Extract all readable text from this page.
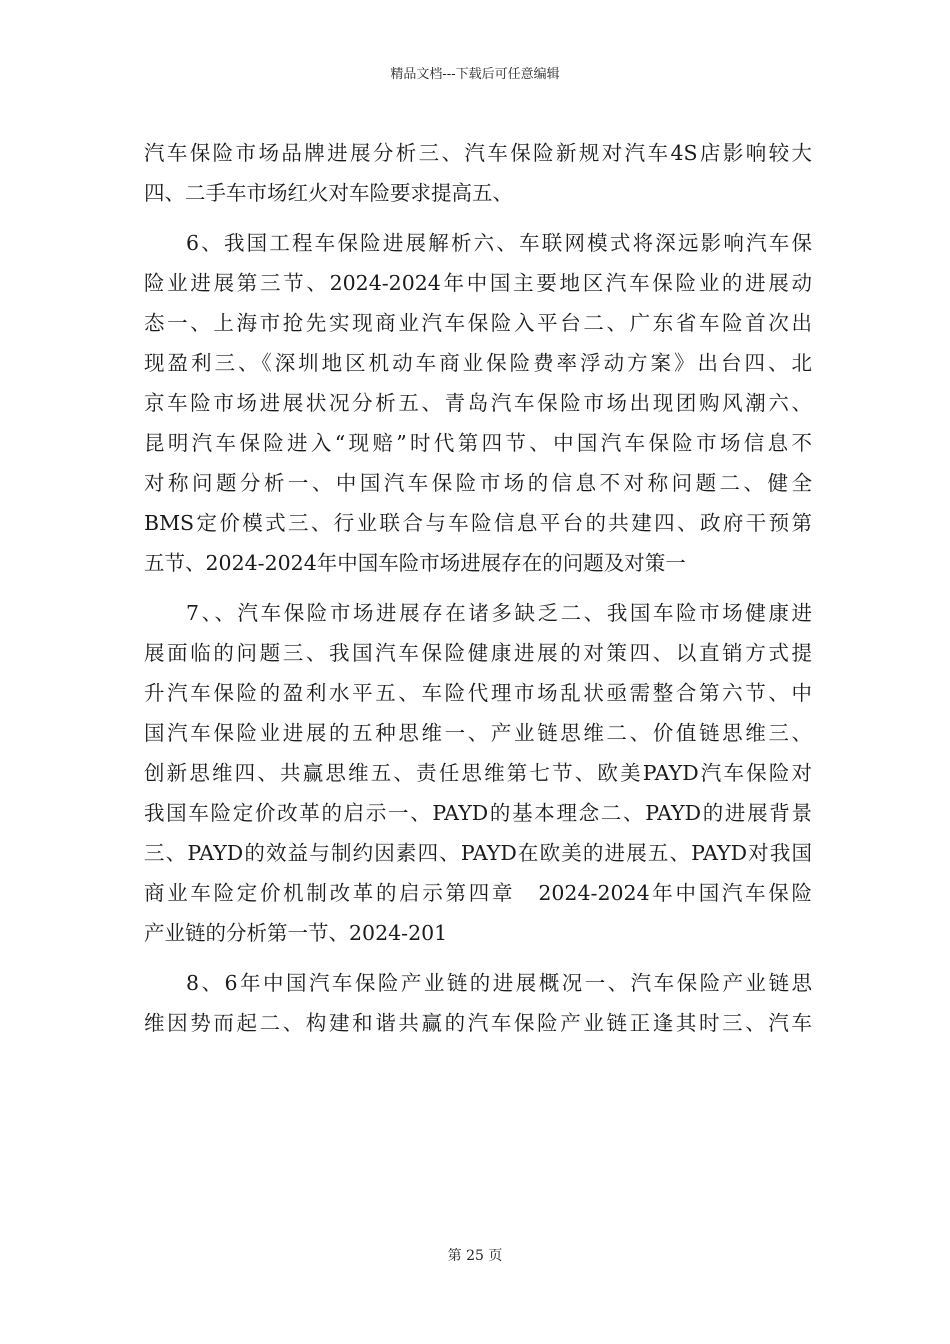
精品文档---下载后可任意编辑
汽车保险市场品牌进展分析三、汽车保险新规对汽车4S店影响较大
四、二手车市场红火对车险要求提高五、
6、我国工程车保险进展解析六、车联网模式将深远影响汽车保
险业进展第三节、2024-2024年中国主要地区汽车保险业的进展动
态一、上海市抢先实现商业汽车保险入平台二、广东省车险首次出
现盈利三、《深圳地区机动车商业保险费率浮动方案》出台四、北
京车险市场进展状况分析五、青岛汽车保险市场出现团购风潮六、
昆明汽车保险进入“现赔”时代第四节、中国汽车保险市场信息不
对称问题分析一、中国汽车保险市场的信息不对称问题二、健全
BMS定价模式三、行业联合与车险信息平台的共建四、政府干预第
五节、2024-2024年中国车险市场进展存在的问题及对策一
7、、汽车保险市场进展存在诸多缺乏二、我国车险市场健康进
展面临的问题三、我国汽车保险健康进展的对策四、以直销方式提
升汽车保险的盈利水平五、车险代理市场乱状亟需整合第六节、中
国汽车保险业进展的五种思维一、产业链思维二、价值链思维三、
创新思维四、共赢思维五、责任思维第七节、欧美PAYD汽车保险对
我国车险定价改革的启示一、PAYD的基本理念二、PAYD的进展背景
三、PAYD的效益与制约因素四、PAYD在欧美的进展五、PAYD对我国
商业车险定价机制改革的启示第四章　2024-2024年中国汽车保险
产业链的分析第一节、2024-201
8、6年中国汽车保险产业链的进展概况一、汽车保险产业链思
维因势而起二、构建和谐共赢的汽车保险产业链正逢其时三、汽车
第 25 页
